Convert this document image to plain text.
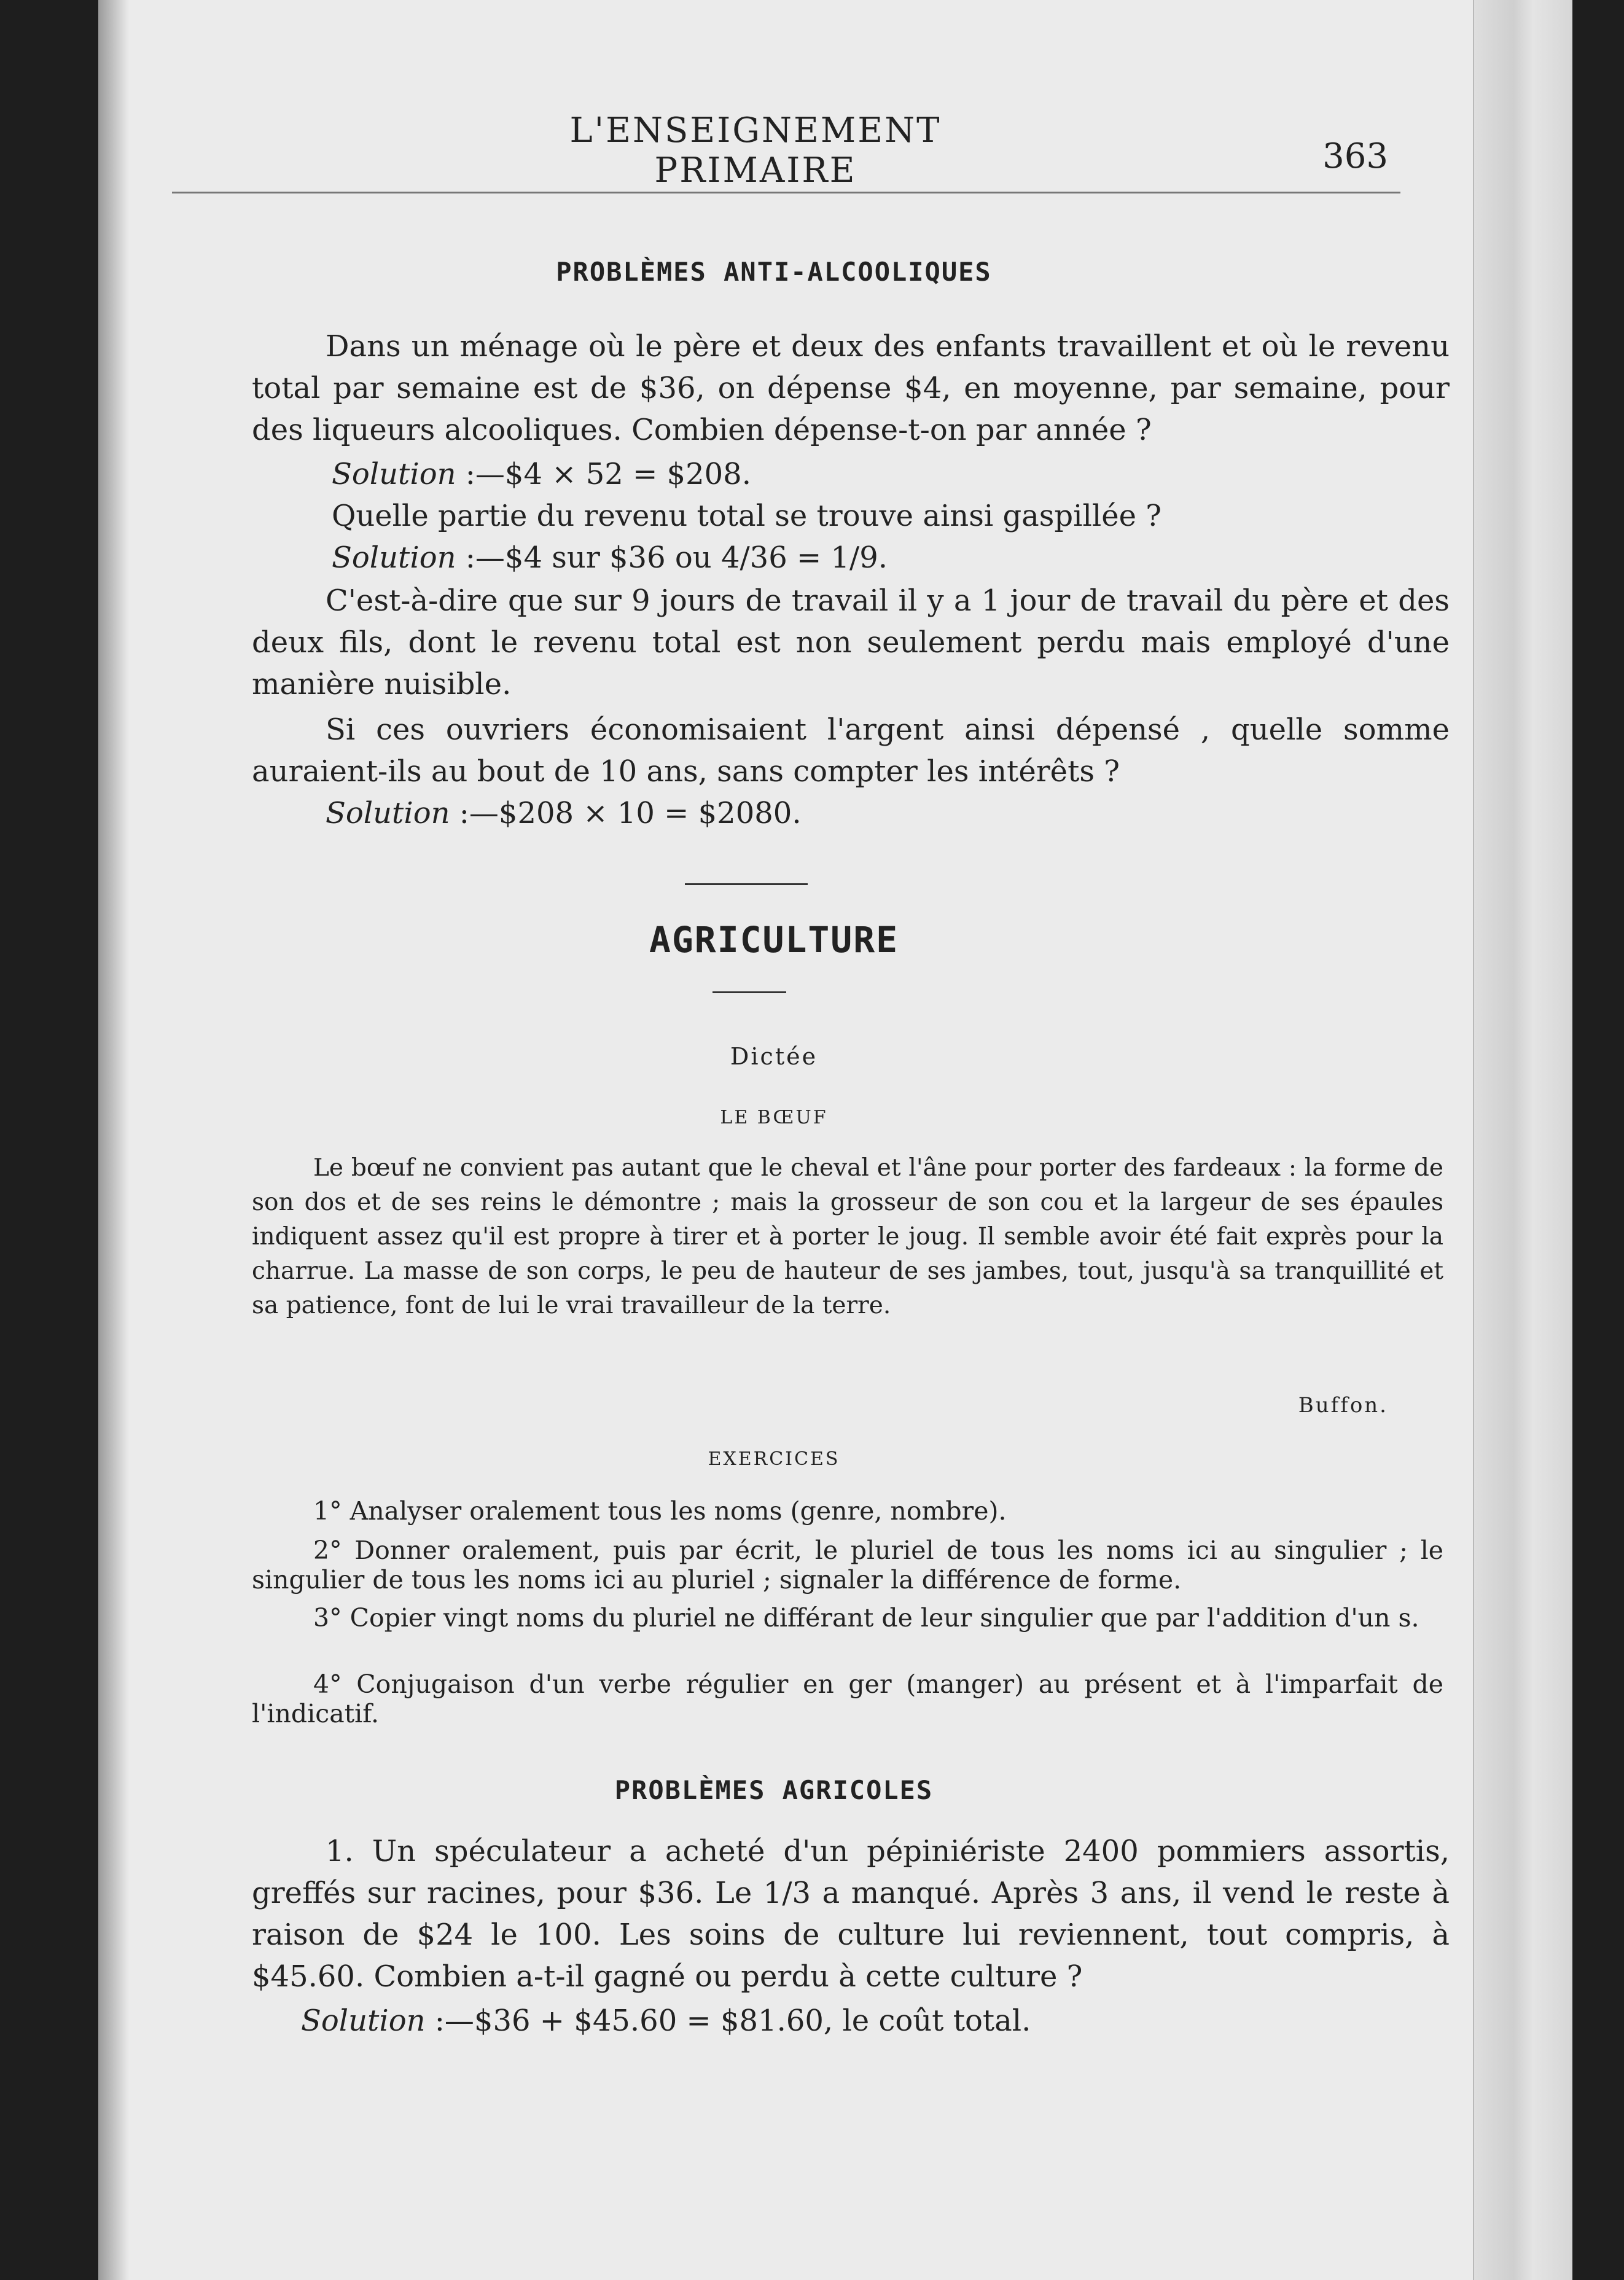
L'ENSEIGNEMENT PRIMAIRE	363
PROBLÈMES ANTI-ALCOOLIQUES
Dans un ménage où le père et deux des enfants travaillent et où le revenu total par semaine est de $36, on dépense $4, en moyenne, par semaine, pour des liqueurs alcooliques. Combien dépense-t-on par année ?
Solution :—$4 × 52 = $208.
Quelle partie du revenu total se trouve ainsi gaspillée ?
Solution :—$4 sur $36 ou 4/36 = 1/9.
C'est-à-dire que sur 9 jours de travail il y a 1 jour de travail du père et des deux fils, dont le revenu total est non seulement perdu mais employé d'une manière nuisible.
Si ces ouvriers économisaient l'argent ainsi dépensé , quelle somme auraient-ils au bout de 10 ans, sans compter les intérêts ?
Solution :—$208 × 10 = $2080.
AGRICULTURE
Dictée
LE BŒUF
Le bœuf ne convient pas autant que le cheval et l'âne pour porter des fardeaux : la forme de son dos et de ses reins le démontre ; mais la grosseur de son cou et la largeur de ses épaules indiquent assez qu'il est propre à tirer et à porter le joug. Il semble avoir été fait exprès pour la charrue. La masse de son corps, le peu de hauteur de ses jambes, tout, jusqu'à sa tranquillité et sa patience, font de lui le vrai travailleur de la terre.
Buffon.
EXERCICES
1° Analyser oralement tous les noms (genre, nombre).
2° Donner oralement, puis par écrit, le pluriel de tous les noms ici au singulier ; le singulier de tous les noms ici au pluriel ; signaler la différence de forme.
3° Copier vingt noms du pluriel ne différant de leur singulier que par l'addition d'un s.
4° Conjugaison d'un verbe régulier en ger (manger) au présent et à l'imparfait de l'indicatif.
PROBLÈMES AGRICOLES
1. Un spéculateur a acheté d'un pépiniériste 2400 pommiers assortis, greffés sur racines, pour $36. Le 1/3 a manqué. Après 3 ans, il vend le reste à raison de $24 le 100. Les soins de culture lui reviennent, tout compris, à $45.60. Combien a-t-il gagné ou perdu à cette culture ?
Solution :—$36 + $45.60 = $81.60, le coût total.
